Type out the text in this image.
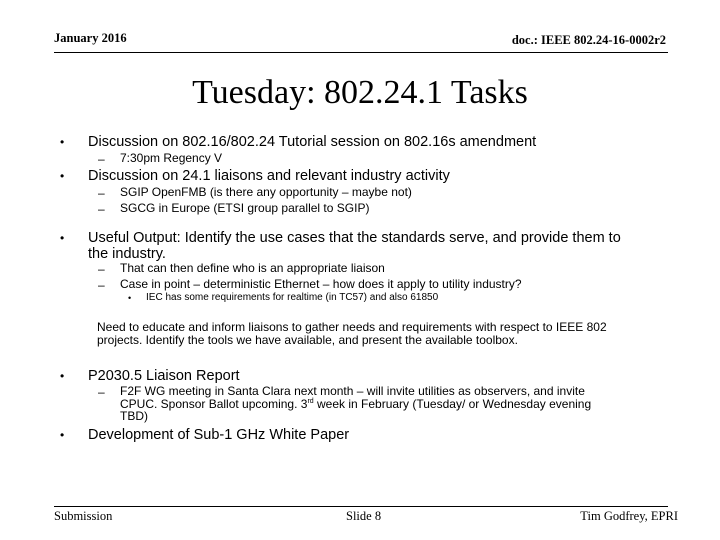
January 2016	doc.: IEEE 802.24-16-0002r2
Tuesday: 802.24.1 Tasks
• Discussion on 802.16/802.24 Tutorial session on 802.16s amendment
– 7:30pm Regency V
• Discussion on 24.1 liaisons and relevant industry activity
– SGIP OpenFMB (is there any opportunity – maybe not)
– SGCG in Europe (ETSI group parallel to SGIP)
• Useful Output: Identify the use cases that the standards serve, and provide them to
the industry.
– That can then define who is an appropriate liaison
– Case in point – deterministic Ethernet – how does it apply to utility industry?
• IEC has some requirements for realtime (in TC57) and also 61850
Need to educate and inform liaisons to gather needs and requirements with respect to IEEE 802
projects. Identify the tools we have available, and present the available toolbox.
• P2030.5 Liaison Report
– F2F WG meeting in Santa Clara next month – will invite utilities as observers, and invite
CPUC. Sponsor Ballot upcoming. 3rd week in February (Tuesday/ or Wednesday evening
TBD)
• Development of Sub-1 GHz White Paper
Submission	Slide 8	Tim Godfrey, EPRI
